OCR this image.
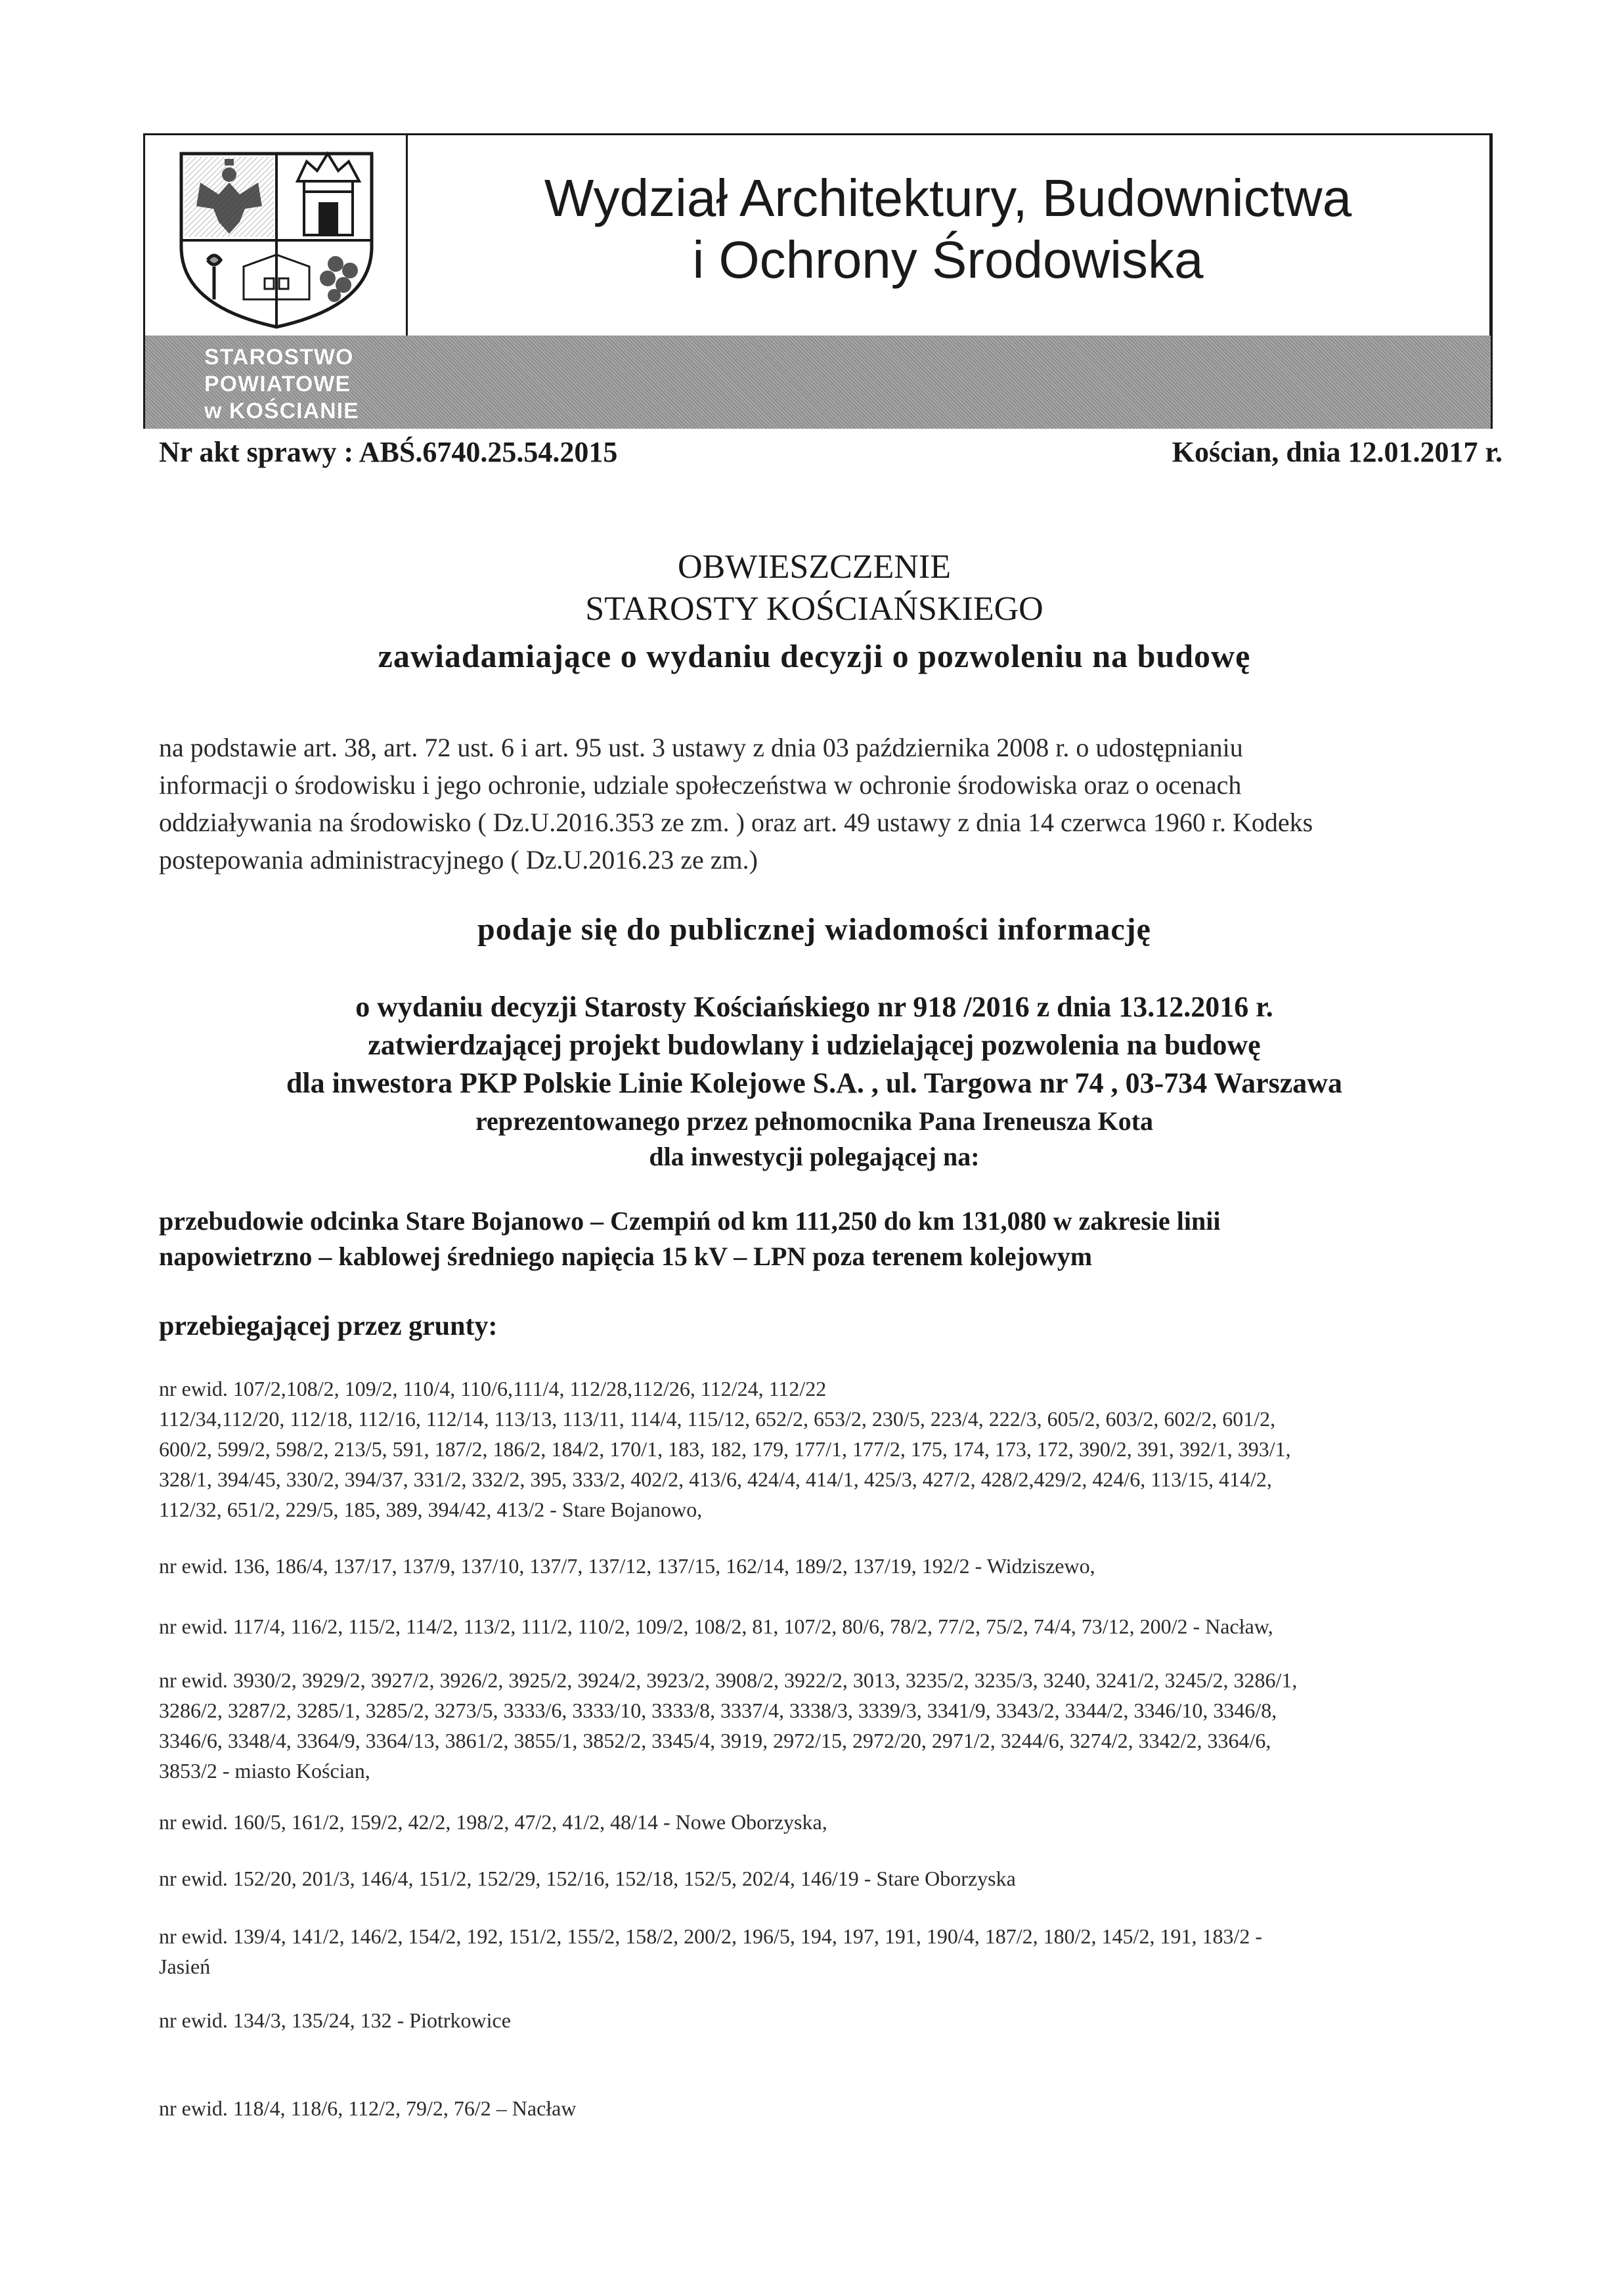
Wydział Architektury, Budownictwa
i Ochrony Środowiska
STAROSTWO
POWIATOWE
w KOŚCIANIE
Nr akt sprawy : ABŚ.6740.25.54.2015	Kościan, dnia 12.01.2017 r.
OBWIESZCZENIE
STAROSTY KOŚCIAŃSKIEGO
zawiadamiające o wydaniu decyzji o pozwoleniu na budowę
na podstawie art. 38, art. 72 ust. 6 i art. 95 ust. 3 ustawy z dnia 03 października 2008 r. o udostępnianiu
informacji o środowisku i jego ochronie, udziale społeczeństwa w ochronie środowiska oraz o ocenach
oddziaływania na środowisko ( Dz.U.2016.353 ze zm. ) oraz art. 49 ustawy z dnia 14 czerwca 1960 r. Kodeks
postepowania administracyjnego ( Dz.U.2016.23 ze zm.)
podaje się do publicznej wiadomości informację
o wydaniu decyzji Starosty Kościańskiego nr 918 /2016 z dnia 13.12.2016 r.
zatwierdzającej projekt budowlany i udzielającej pozwolenia na budowę
dla inwestora PKP Polskie Linie Kolejowe S.A. , ul. Targowa nr 74 , 03-734 Warszawa
reprezentowanego przez pełnomocnika Pana Ireneusza Kota
dla inwestycji polegającej na:
przebudowie odcinka Stare Bojanowo – Czempiń od km 111,250 do km 131,080 w zakresie linii
napowietrzno – kablowej średniego napięcia 15 kV – LPN poza terenem kolejowym
przebiegającej przez grunty:
nr ewid. 107/2,108/2, 109/2, 110/4, 110/6,111/4, 112/28,112/26, 112/24, 112/22
112/34,112/20, 112/18, 112/16, 112/14, 113/13, 113/11, 114/4, 115/12, 652/2, 653/2, 230/5, 223/4, 222/3, 605/2, 603/2, 602/2, 601/2,
600/2, 599/2, 598/2, 213/5, 591, 187/2, 186/2, 184/2, 170/1, 183, 182, 179, 177/1, 177/2, 175, 174, 173, 172, 390/2, 391, 392/1, 393/1,
328/1, 394/45, 330/2, 394/37, 331/2, 332/2, 395, 333/2, 402/2, 413/6, 424/4, 414/1, 425/3, 427/2, 428/2,429/2, 424/6, 113/15, 414/2,
112/32, 651/2, 229/5, 185, 389, 394/42, 413/2 - Stare Bojanowo,
nr ewid. 136, 186/4, 137/17, 137/9, 137/10, 137/7, 137/12, 137/15, 162/14, 189/2, 137/19, 192/2 - Widziszewo,
nr ewid. 117/4, 116/2, 115/2, 114/2, 113/2, 111/2, 110/2, 109/2, 108/2, 81, 107/2, 80/6, 78/2, 77/2, 75/2, 74/4, 73/12, 200/2 - Nacław,
nr ewid. 3930/2, 3929/2, 3927/2, 3926/2, 3925/2, 3924/2, 3923/2, 3908/2, 3922/2, 3013, 3235/2, 3235/3, 3240, 3241/2, 3245/2, 3286/1,
3286/2, 3287/2, 3285/1, 3285/2, 3273/5, 3333/6, 3333/10, 3333/8, 3337/4, 3338/3, 3339/3, 3341/9, 3343/2, 3344/2, 3346/10, 3346/8,
3346/6, 3348/4, 3364/9, 3364/13, 3861/2, 3855/1, 3852/2, 3345/4, 3919, 2972/15, 2972/20, 2971/2, 3244/6, 3274/2, 3342/2, 3364/6,
3853/2 - miasto Kościan,
nr ewid. 160/5, 161/2, 159/2, 42/2, 198/2, 47/2, 41/2, 48/14 - Nowe Oborzyska,
nr ewid. 152/20, 201/3, 146/4, 151/2, 152/29, 152/16, 152/18, 152/5, 202/4, 146/19 - Stare Oborzyska
nr ewid. 139/4, 141/2, 146/2, 154/2, 192, 151/2, 155/2, 158/2, 200/2, 196/5, 194, 197, 191, 190/4, 187/2, 180/2, 145/2, 191, 183/2 -
Jasień
nr ewid. 134/3, 135/24, 132 - Piotrkowice
nr ewid. 118/4, 118/6, 112/2, 79/2, 76/2 – Nacław
